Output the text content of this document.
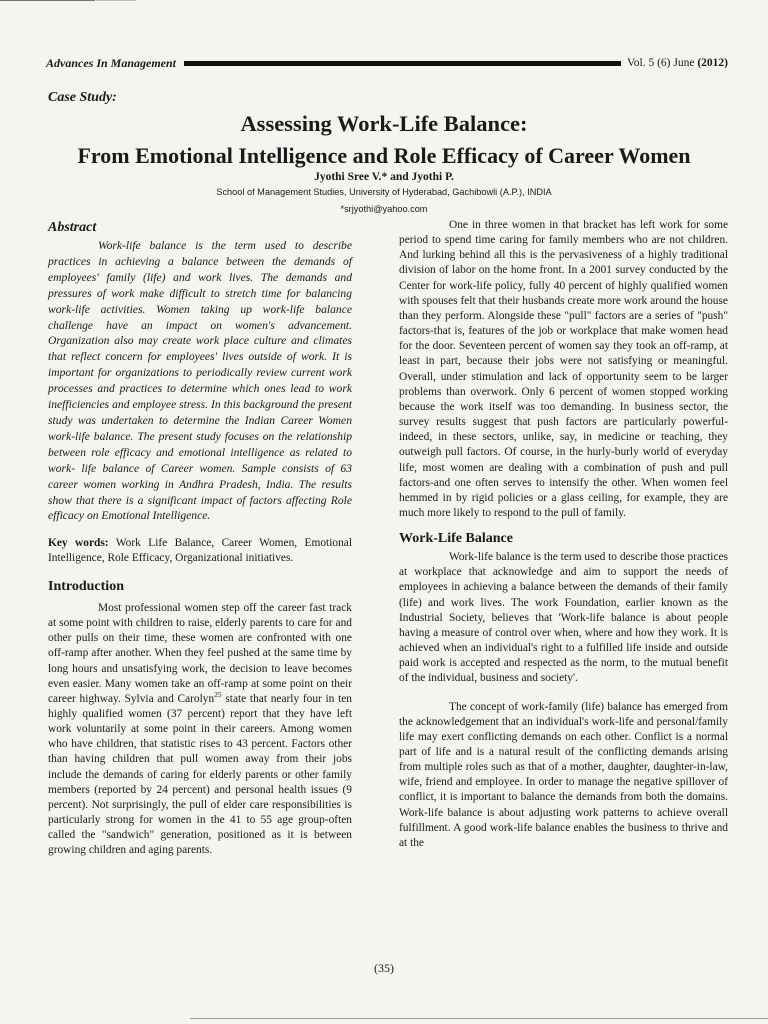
Advances In Management	Vol. 5 (6) June (2012)
Case Study:
Assessing Work-Life Balance:
From Emotional Intelligence and Role Efficacy of Career Women
Jyothi Sree V.* and Jyothi P.
School of Management Studies, University of Hyderabad, Gachibowli (A.P.), INDIA
*srjyothi@yahoo.com
Abstract

Work-life balance is the term used to describe practices in achieving a balance between the demands of employees' family (life) and work lives. The demands and pressures of work make difficult to stretch time for balancing work-life activities. Women taking up work-life balance challenge have an impact on women's advancement. Organization also may create work place culture and climates that reflect concern for employees' lives outside of work. It is important for organizations to periodically review current work processes and practices to determine which ones lead to work inefficiencies and employee stress. In this background the present study was undertaken to determine the Indian Career Women work-life balance. The present study focuses on the relationship between role efficacy and emotional intelligence as related to work- life balance of Career women. Sample consists of 63 career women working in Andhra Pradesh, India. The results show that there is a significant impact of factors affecting Role efficacy on Emotional Intelligence.

Key words: Work Life Balance, Career Women, Emotional Intelligence, Role Efficacy, Organizational initiatives.

Introduction

Most professional women step off the career fast track at some point with children to raise, elderly parents to care for and other pulls on their time, these women are confronted with one off-ramp after another. When they feel pushed at the same time by long hours and unsatisfying work, the decision to leave becomes even easier. Many women take an off-ramp at some point on their career highway. Sylvia and Carolyn$^{25}$ state that nearly four in ten highly qualified women (37 percent) report that they have left work voluntarily at some point in their careers. Among women who have children, that statistic rises to 43 percent. Factors other than having children that pull women away from their jobs include the demands of caring for elderly parents or other family members (reported by 24 percent) and personal health issues (9 percent). Not surprisingly, the pull of elder care responsibilities is particularly strong for women in the 41 to 55 age group-often called the "sandwich" generation, positioned as it is between growing children and aging parents.

One in three women in that bracket has left work for some period to spend time caring for family members who are not children. And lurking behind all this is the pervasiveness of a highly traditional division of labor on the home front. In a 2001 survey conducted by the Center for work-life policy, fully 40 percent of highly qualified women with spouses felt that their husbands create more work around the house than they perform. Alongside these "pull" factors are a series of "push" factors-that is, features of the job or workplace that make women head for the door. Seventeen percent of women say they took an off-ramp, at least in part, because their jobs were not satisfying or meaningful. Overall, under stimulation and lack of opportunity seem to be larger problems than overwork. Only 6 percent of women stopped working because the work itself was too demanding. In business sector, the survey results suggest that push factors are particularly powerful-indeed, in these sectors, unlike, say, in medicine or teaching, they outweigh pull factors. Of course, in the hurly-burly world of everyday life, most women are dealing with a combination of push and pull factors-and one often serves to intensify the other. When women feel hemmed in by rigid policies or a glass ceiling, for example, they are much more likely to respond to the pull of family.

Work-Life Balance

Work-life balance is the term used to describe those practices at workplace that acknowledge and aim to support the needs of employees in achieving a balance between the demands of their family (life) and work lives. The work Foundation, earlier known as the Industrial Society, believes that 'Work-life balance is about people having a measure of control over when, where and how they work. It is achieved when an individual's right to a fulfilled life inside and outside paid work is accepted and respected as the norm, to the mutual benefit of the individual, business and society'.

The concept of work-family (life) balance has emerged from the acknowledgement that an individual's work-life and personal/family life may exert conflicting demands on each other. Conflict is a normal part of life and is a natural result of the conflicting demands arising from multiple roles such as that of a mother, daughter, daughter-in-law, wife, friend and employee. In order to manage the negative spillover of conflict, it is important to balance the demands from both the domains. Work-life balance is about adjusting work patterns to achieve overall fulfillment. A good work-life balance enables the business to thrive and at the

(35)
